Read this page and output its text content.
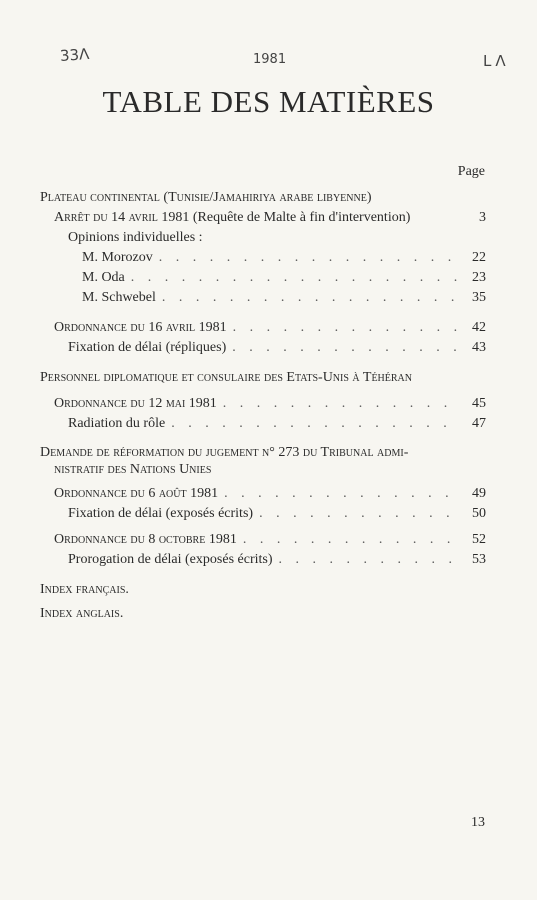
33Λ	1981	LΛ
TABLE DES MATIÈRES
Page
Plateau continental (Tunisie/Jamahiriya arabe libyenne)
Arrêt du 14 avril 1981 (Requête de Malte à fin d'intervention)	3
Opinions individuelles :
M. Morozov . . .	22
M. Oda . . .	23
M. Schwebel . . .	35
Ordonnance du 16 avril 1981 . . .	42
Fixation de délai (répliques) . . .	43
Personnel diplomatique et consulaire des Etats-Unis à Téhéran
Ordonnance du 12 mai 1981 . . .	45
Radiation du rôle . . .	47
Demande de réformation du jugement n° 273 du Tribunal admi-
nistratif des Nations Unies
Ordonnance du 6 août 1981 . . .	49
Fixation de délai (exposés écrits) . . .	50
Ordonnance du 8 octobre 1981 . . .	52
Prorogation de délai (exposés écrits) . . .	53
Index français.
Index anglais.
13
